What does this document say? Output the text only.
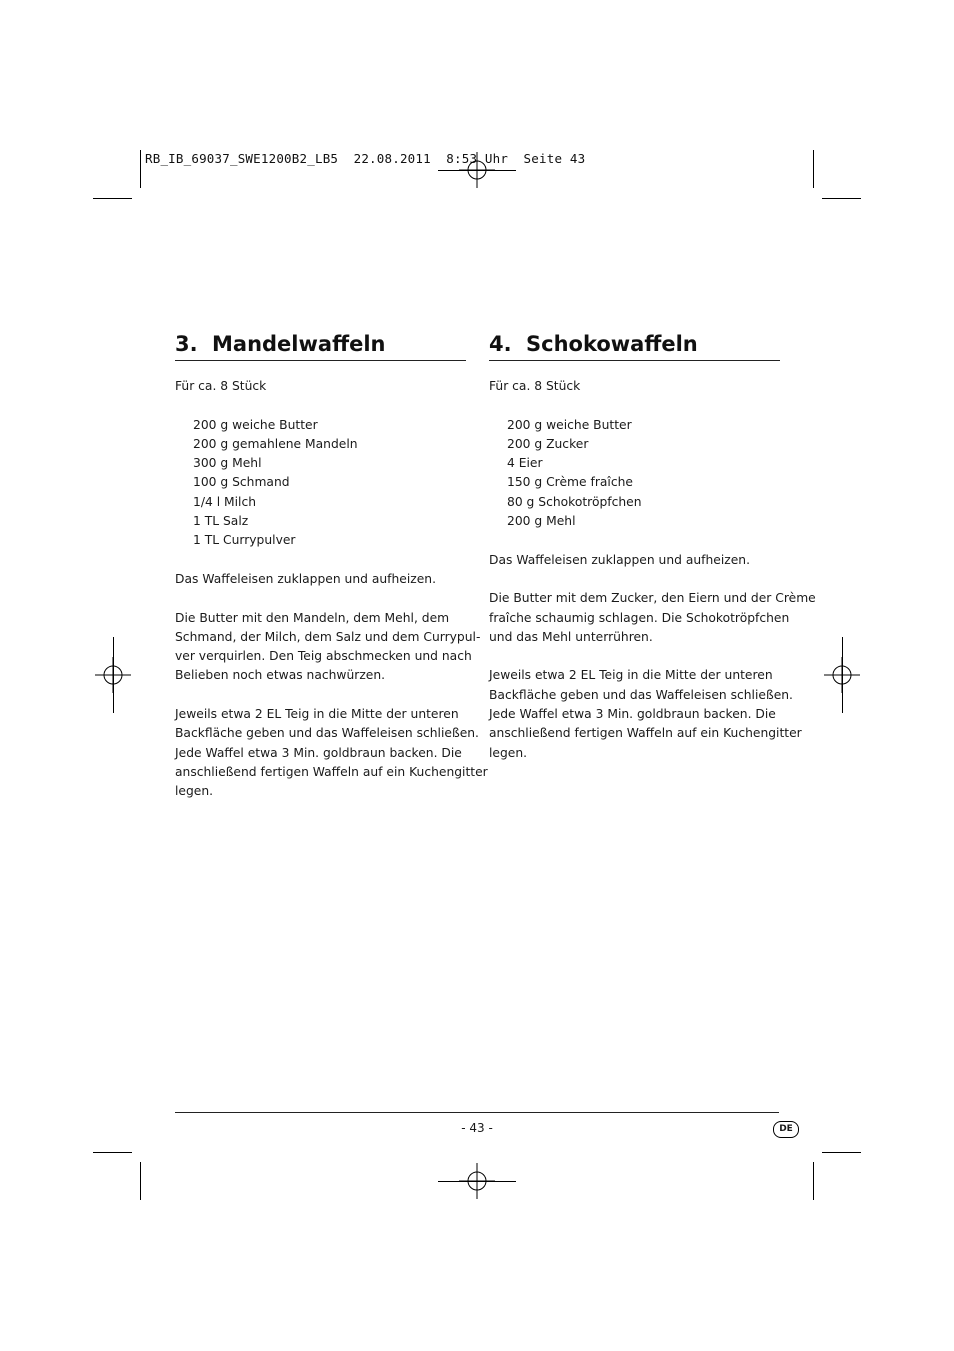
RB_IB_69037_SWE1200B2_LB5  22.08.2011  8:53 Uhr  Seite 43
3. Mandelwaffeln
Für ca. 8 Stück
200 g weiche Butter
200 g gemahlene Mandeln
300 g Mehl
100 g Schmand
1/4 l Milch
1 TL Salz
1 TL Currypulver
Das Waffeleisen zuklappen und aufheizen.
Die Butter mit den Mandeln, dem Mehl, dem
Schmand, der Milch, dem Salz und dem Currypul-
ver verquirlen. Den Teig abschmecken und nach
Belieben noch etwas nachwürzen.
Jeweils etwa 2 EL Teig in die Mitte der unteren
Backfläche geben und das Waffeleisen schließen.
Jede Waffel etwa 3 Min. goldbraun backen. Die
anschließend fertigen Waffeln auf ein Kuchengitter
legen.
4. Schokowaffeln
Für ca. 8 Stück
200 g weiche Butter
200 g Zucker
4 Eier
150 g Crème fraîche
80 g Schokotröpfchen
200 g Mehl
Das Waffeleisen zuklappen und aufheizen.
Die Butter mit dem Zucker, den Eiern und der Crème
fraîche schaumig schlagen. Die Schokotröpfchen
und das Mehl unterrühren.
Jeweils etwa 2 EL Teig in die Mitte der unteren
Backfläche geben und das Waffeleisen schließen.
Jede Waffel etwa 3 Min. goldbraun backen. Die
anschließend fertigen Waffeln auf ein Kuchengitter
legen.
- 43 -	DE
